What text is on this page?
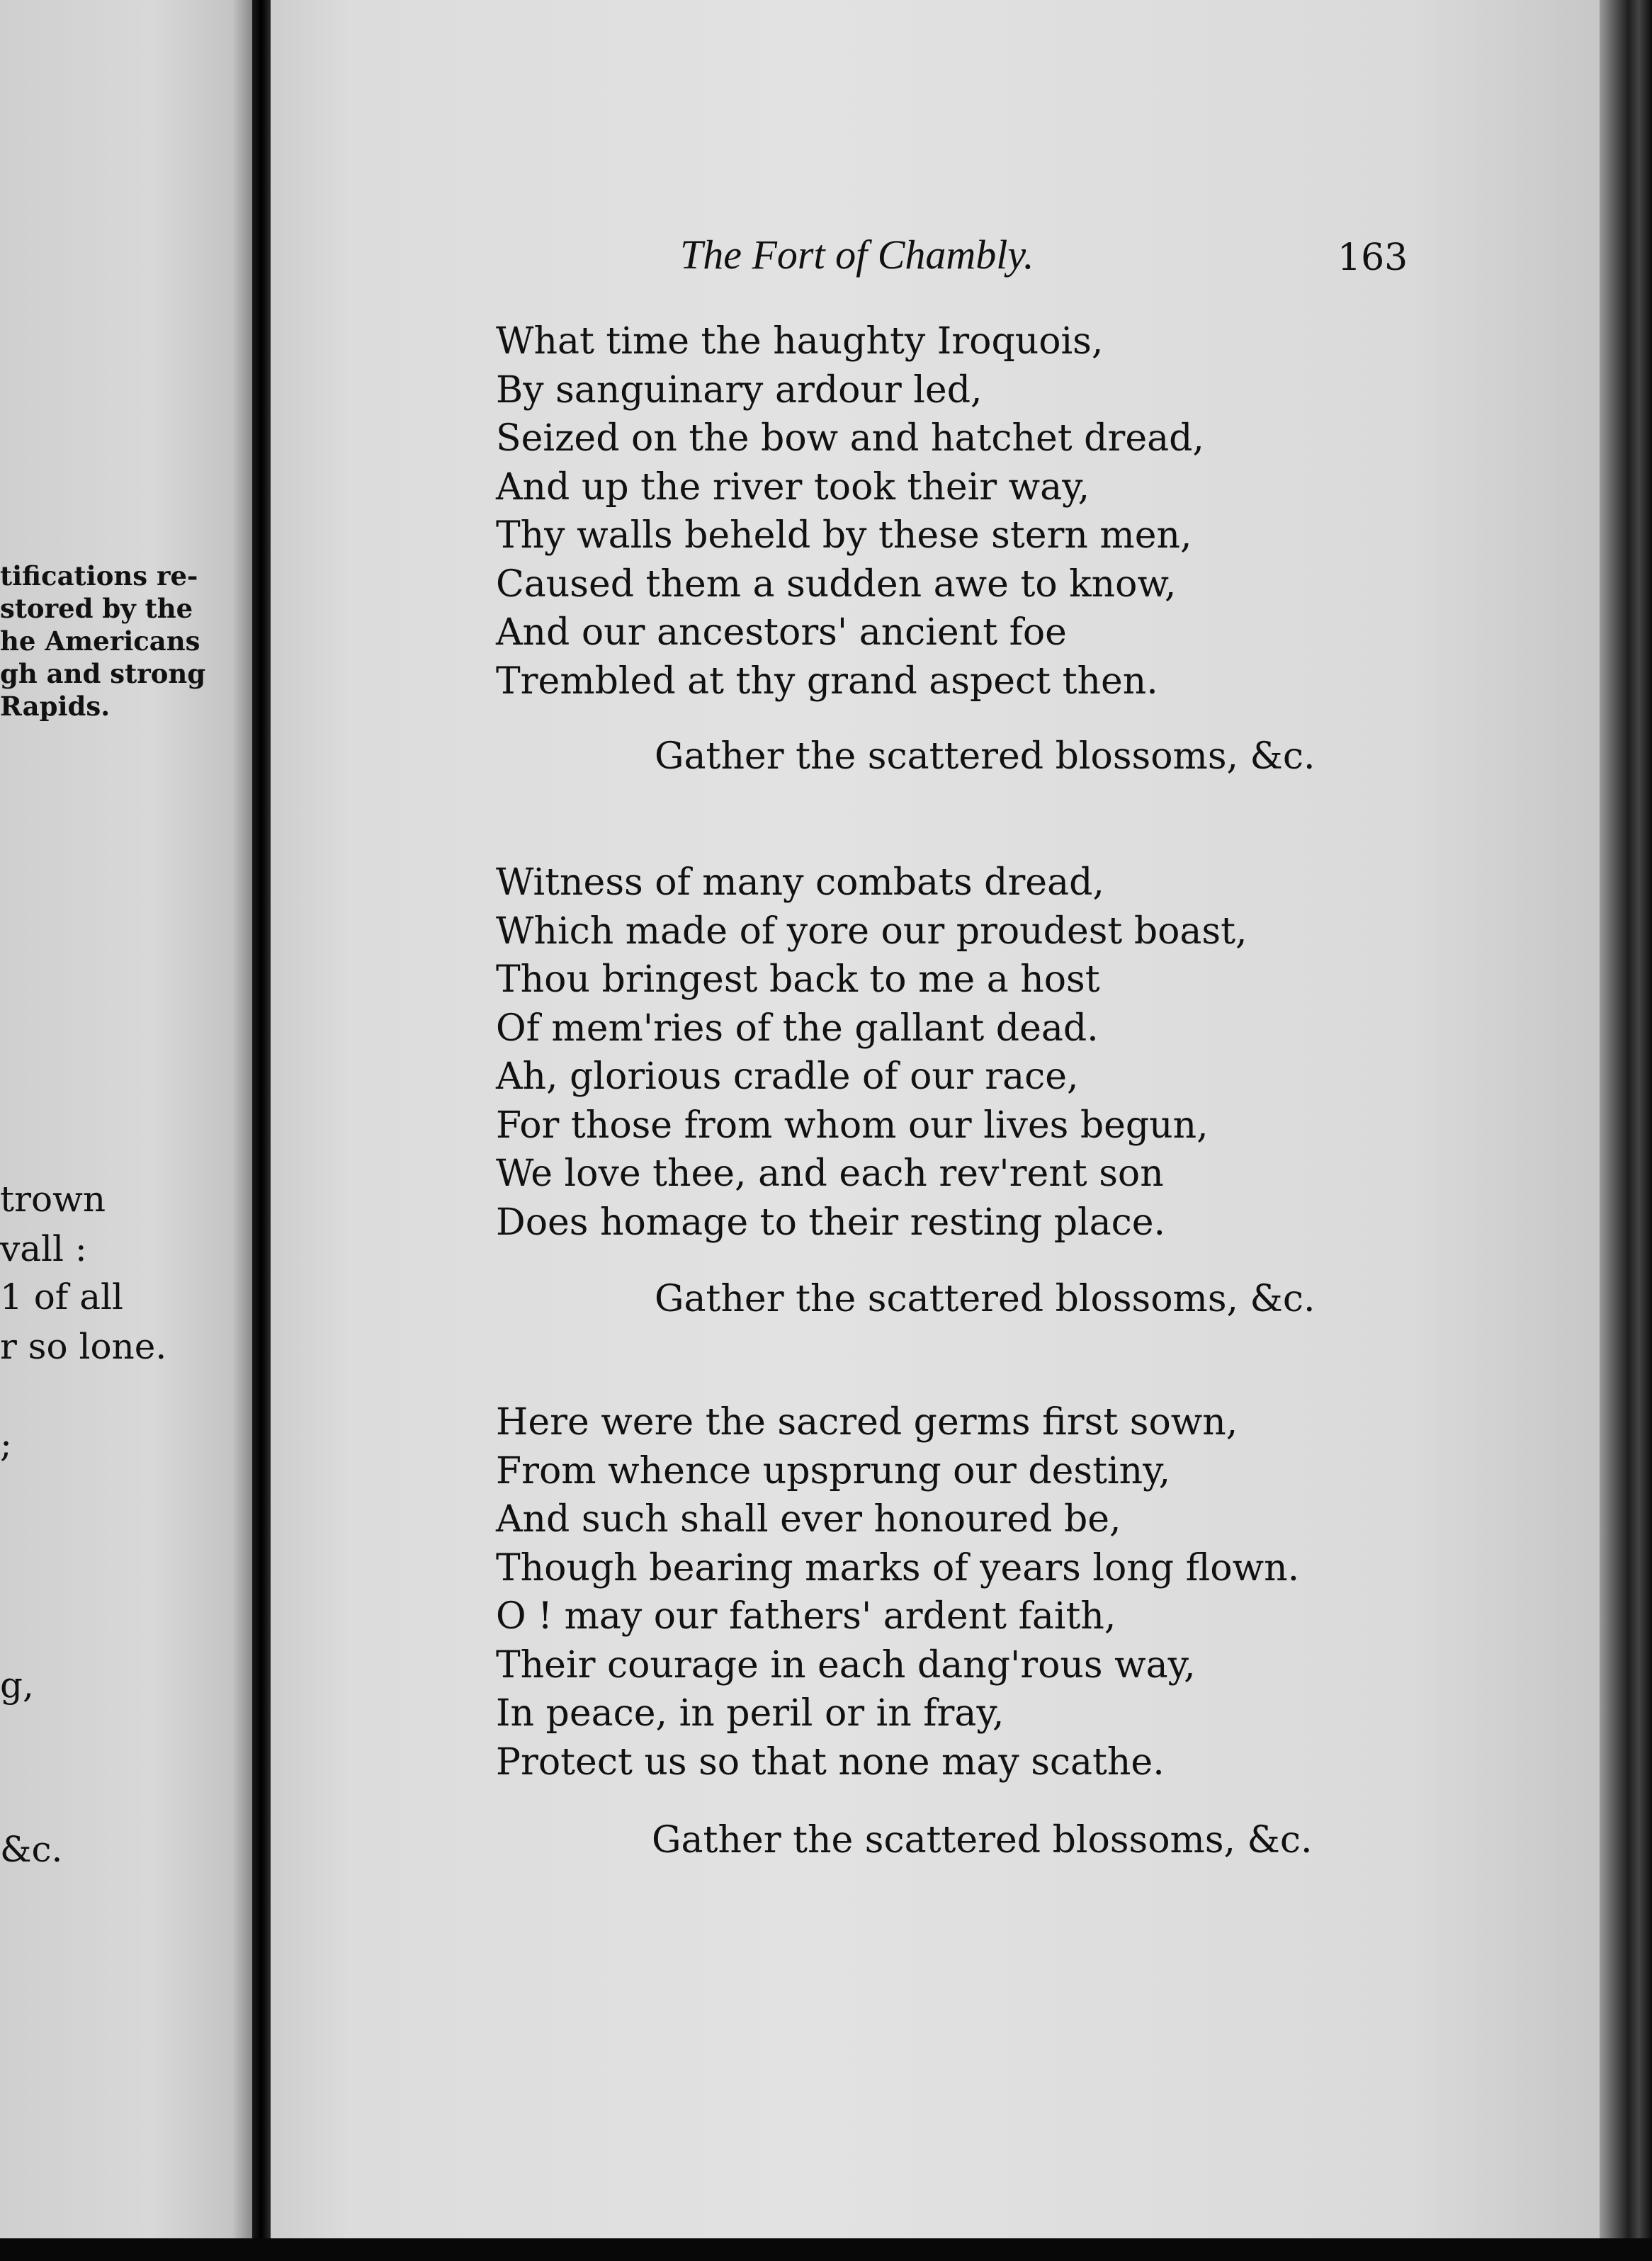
tifications re-
stored by the
he Americans
gh and strong
Rapids.

trown

vall :

1 of all

r so lone.

;

g,

&c.

The Fort of Chambly.	163
What time the haughty Iroquois,
By sanguinary ardour led,
Seized on the bow and hatchet dread,
And up the river took their way,
Thy walls beheld by these stern men,
Caused them a sudden awe to know,
And our ancestors' ancient foe
Trembled at thy grand aspect then.

Gather the scattered blossoms, &c.

Witness of many combats dread,
Which made of yore our proudest boast,
Thou bringest back to me a host
Of mem'ries of the gallant dead.
Ah, glorious cradle of our race,
For those from whom our lives begun,
We love thee, and each rev'rent son
Does homage to their resting place.

Gather the scattered blossoms, &c.

Here were the sacred germs first sown,
From whence upsprung our destiny,
And such shall ever honoured be,
Though bearing marks of years long flown.
O ! may our fathers' ardent faith,
Their courage in each dang'rous way,
In peace, in peril or in fray,
Protect us so that none may scathe.

Gather the scattered blossoms, &c.
